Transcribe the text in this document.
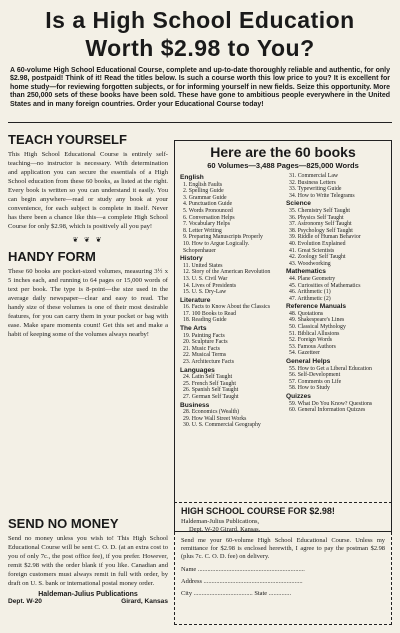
Is a High School Education Worth $2.98 to You?
A 60-volume High School Educational Course, complete and up-to-date thoroughly reliable and authentic, for only $2.98, postpaid! Think of it! Read the titles below. Is such a course worth this low price to you? It is excellent for home study—for reviewing forgotten subjects, or for informing yourself in new fields. Seize this opportunity. More than 250,000 sets of these books have been sold. These have gone to ambitious people everywhere in the United States and in many foreign countries. Order your Educational Course today!
TEACH YOURSELF

This High School Educational Course is entirely self-teaching—no instructor is necessary. With determination and application you can secure the essentials of a High School education from these 60 books, as listed at the right. Every book is written so you can understand it easily. You can begin anywhere—read or study any book at your convenience, for each subject is complete in itself. Never has there been a chance like this—a complete High School Course for only $2.98, which is positively all you pay!

❦ ❦ ❦
HANDY FORM

These 60 books are pocket-sized volumes, measuring 3½ x 5 inches each, and running to 64 pages or 15,000 words of text per book. The type is 8-point—the size used in the average daily newspaper—clear and easy to read. The handy size of these volumes is one of their most desirable features, for you can carry them in your pocket or bag with ease. Make spare moments count! Get this set and make a habit of keeping some of the volumes always nearby!

Here are the 60 books

60 Volumes—3,488 Pages—825,000 Words

English
1. English Faults
2. Spelling Guide
3. Grammar Guide
4. Punctuation Guide
5. Words Pronounced
6. Conversation Helps
7. Vocabulary Helps
8. Letter Writing
9. Preparing Manuscripts Properly
10. How to Argue Logically. Schopenhauer
History
11. United States
12. Story of the American Revolution
13. U. S. Civil War
14. Lives of Presidents
15. U. S. Dry-Law
Literature
16. Facts to Know About the Classics
17. 100 Books to Read
18. Reading Guide
The Arts
19. Painting Facts
20. Sculpture Facts
21. Music Facts
22. Musical Terms
23. Architecture Facts
Languages
24. Latin Self Taught
25. French Self Taught
26. Spanish Self Taught
27. German Self Taught
Business
28. Economics (Wealth)
29. How Wall Street Works
30. U. S. Commercial Geography
31. Commercial Law
32. Business Letters
33. Typewriting Guide
34. How to Write Telegrams
Science
35. Chemistry Self Taught
36. Physics Self Taught
37. Astronomy Self Taught
38. Psychology Self Taught
39. Riddle of Human Behavior
40. Evolution Explained
41. Great Scientists
42. Zoology Self Taught
43. Woodworking
Mathematics
44. Plane Geometry
45. Curiosities of Mathematics
46. Arithmetic (1)
47. Arithmetic (2)
Reference Manuals
48. Quotations
49. Shakespeare's Lines
50. Classical Mythology
51. Biblical Allusions
52. Foreign Words
53. Famous Authors
54. Gazetteer
General Helps
55. How to Get a Liberal Education
56. Self-Development
57. Comments on Life
58. How to Study
Quizzes
59. What Do You Know? Questions
60. General Information Quizzes
SEND NO MONEY

Send no money unless you wish to! This High School Educational Course will be sent C. O. D. (at an extra cost to you of only 7c., the post office fee), if you prefer. However, remit $2.98 with the order blank if you like. Canadian and foreign customers must always remit in full with order, by draft on U. S. bank or international postal money order.

Haldeman-Julius Publications
Dept. W-20	Girard, Kansas

HIGH SCHOOL COURSE FOR $2.98!

Haldeman-Julius Publications,
Dept. W-20 Girard, Kansas.
Send me your 60-volume High School Educational Course. Unless my remittance for $2.98 is enclosed herewith, I agree to pay the postman $2.98 (plus 7c. C. O. D. fee) on delivery.
Name ...................................................................
Address ..............................................................
City ..................................... State ..............
